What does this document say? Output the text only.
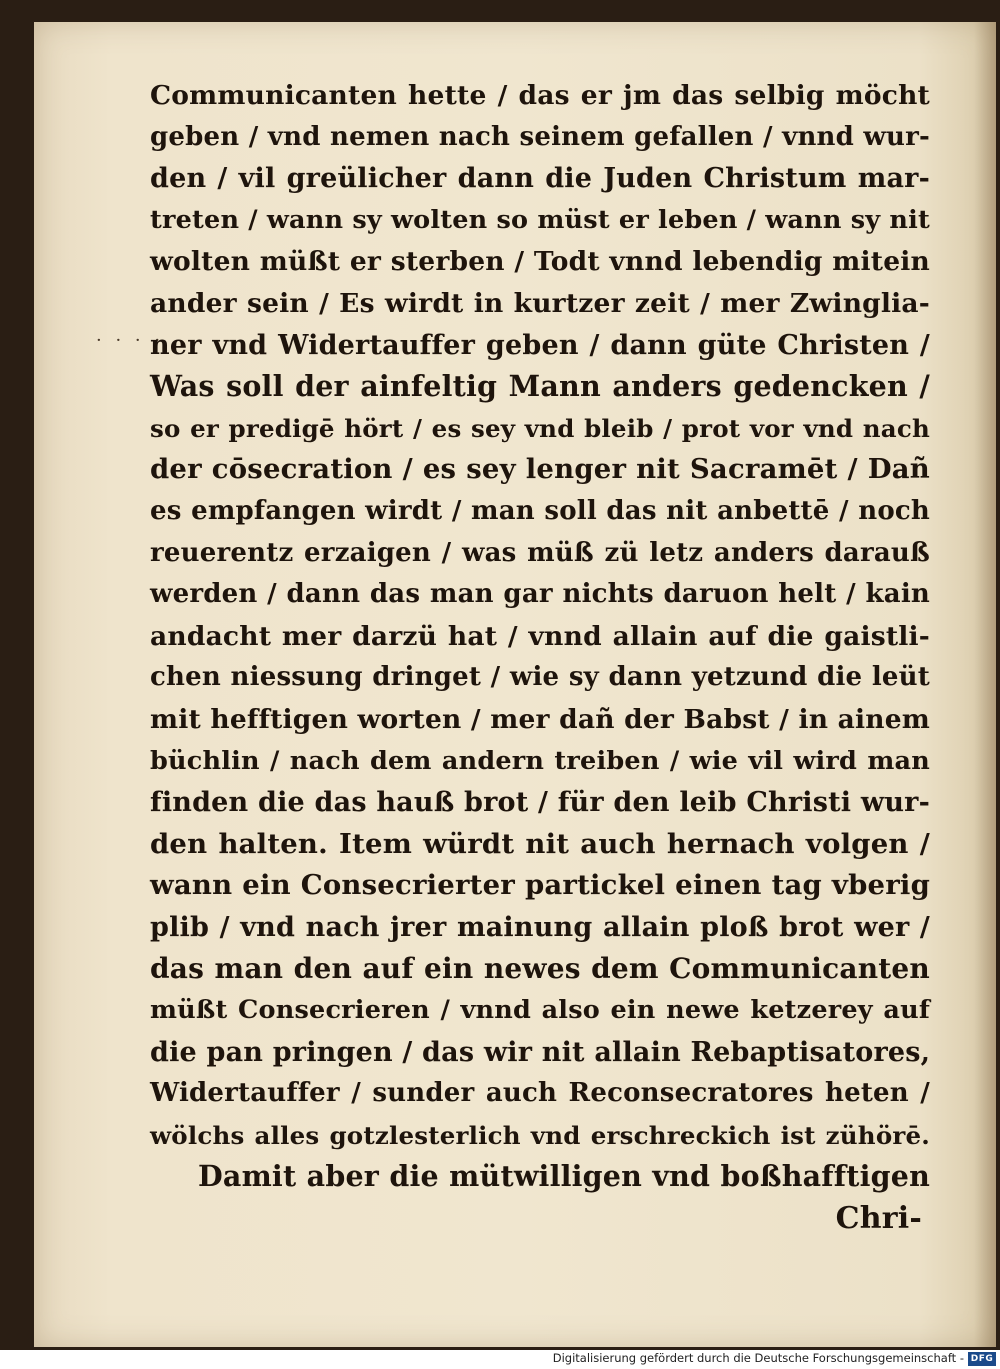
· · · ·
Communicanten hette / das er jm das selbig möcht
geben / vnd nemen nach seinem gefallen / vnnd wur-
den / vil greülicher dann die Juden Christum mar-
treten / wann sy wolten so müst er leben / wann sy nit
wolten müßt er sterben / Todt vnnd lebendig mitein
ander sein / Es wirdt in kurtzer zeit / mer Zwinglia-
ner vnd Widertauffer geben / dann güte Christen /
Was soll der ainfeltig Mann anders gedencken /
so er predigē hört / es sey vnd bleib / prot vor vnd nach
der cōsecration / es sey lenger nit Sacramēt / Dañ
es empfangen wirdt / man soll das nit anbettē / noch
reuerentz erzaigen / was müß zü letz anders darauß
werden / dann das man gar nichts daruon helt / kain
andacht mer darzü hat / vnnd allain auf die gaistli-
chen niessung dringet / wie sy dann yetzund die leüt
mit hefftigen worten / mer dañ der Babst / in ainem
büchlin / nach dem andern treiben / wie vil wird man
finden die das hauß brot / für den leib Christi wur-
den halten. Item würdt nit auch hernach volgen /
wann ein Consecrierter partickel einen tag vberig
plib / vnd nach jrer mainung allain ploß brot wer /
das man den auf ein newes dem Communicanten
müßt Consecrieren / vnnd also ein newe ketzerey auf
die pan pringen / das wir nit allain Rebaptisatores,
Widertauffer / sunder auch Reconsecratores heten /
wölchs alles gotzlesterlich vnd erschreckich ist zühörē.
Damit aber die mütwilligen vnd boßhafftigen
Chri-
Digitalisierung gefördert durch die Deutsche Forschungsgemeinschaft - DFG
